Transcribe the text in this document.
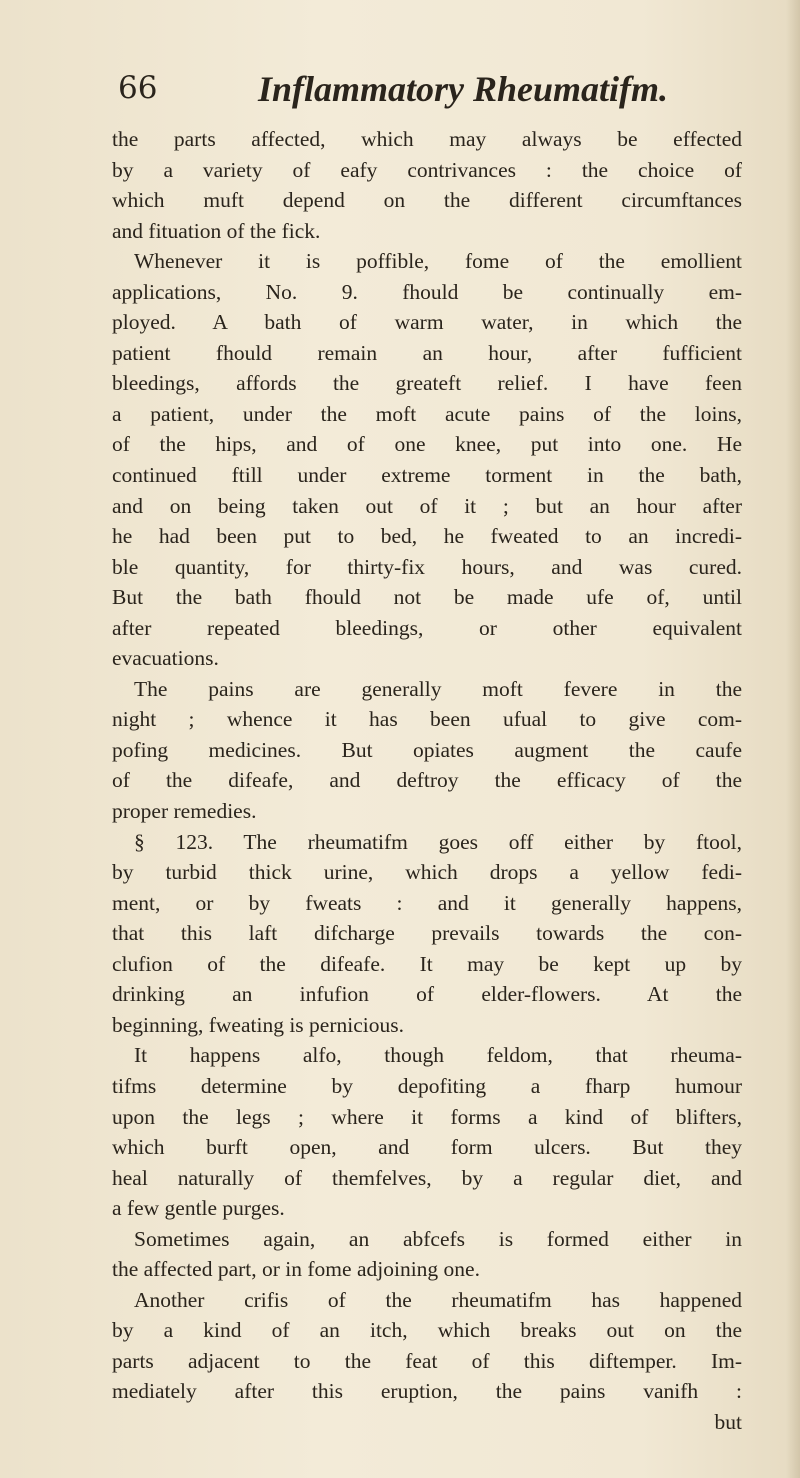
66	Inflammatory Rheumatifm.
the parts affected, which may always be effected
by a variety of eafy contrivances : the choice of
which muft depend on the different circumftances
and fituation of the fick.
Whenever it is poffible, fome of the emollient
applications, No. 9. fhould be continually em-
ployed. A bath of warm water, in which the
patient fhould remain an hour, after fufficient
bleedings, affords the greateft relief. I have feen
a patient, under the moft acute pains of the loins,
of the hips, and of one knee, put into one. He
continued ftill under extreme torment in the bath,
and on being taken out of it ; but an hour after
he had been put to bed, he fweated to an incredi-
ble quantity, for thirty-fix hours, and was cured.
But the bath fhould not be made ufe of, until
after repeated bleedings, or other equivalent
evacuations.
The pains are generally moft fevere in the
night ; whence it has been ufual to give com-
pofing medicines. But opiates augment the caufe
of the difeafe, and deftroy the efficacy of the
proper remedies.
§ 123. The rheumatifm goes off either by ftool,
by turbid thick urine, which drops a yellow fedi-
ment, or by fweats : and it generally happens,
that this laft difcharge prevails towards the con-
clufion of the difeafe. It may be kept up by
drinking an infufion of elder-flowers. At the
beginning, fweating is pernicious.
It happens alfo, though feldom, that rheuma-
tifms determine by depofiting a fharp humour
upon the legs ; where it forms a kind of blifters,
which burft open, and form ulcers. But they
heal naturally of themfelves, by a regular diet, and
a few gentle purges.
Sometimes again, an abfcefs is formed either in
the affected part, or in fome adjoining one.
Another crifis of the rheumatifm has happened
by a kind of an itch, which breaks out on the
parts adjacent to the feat of this diftemper. Im-
mediately after this eruption, the pains vanifh :
but
